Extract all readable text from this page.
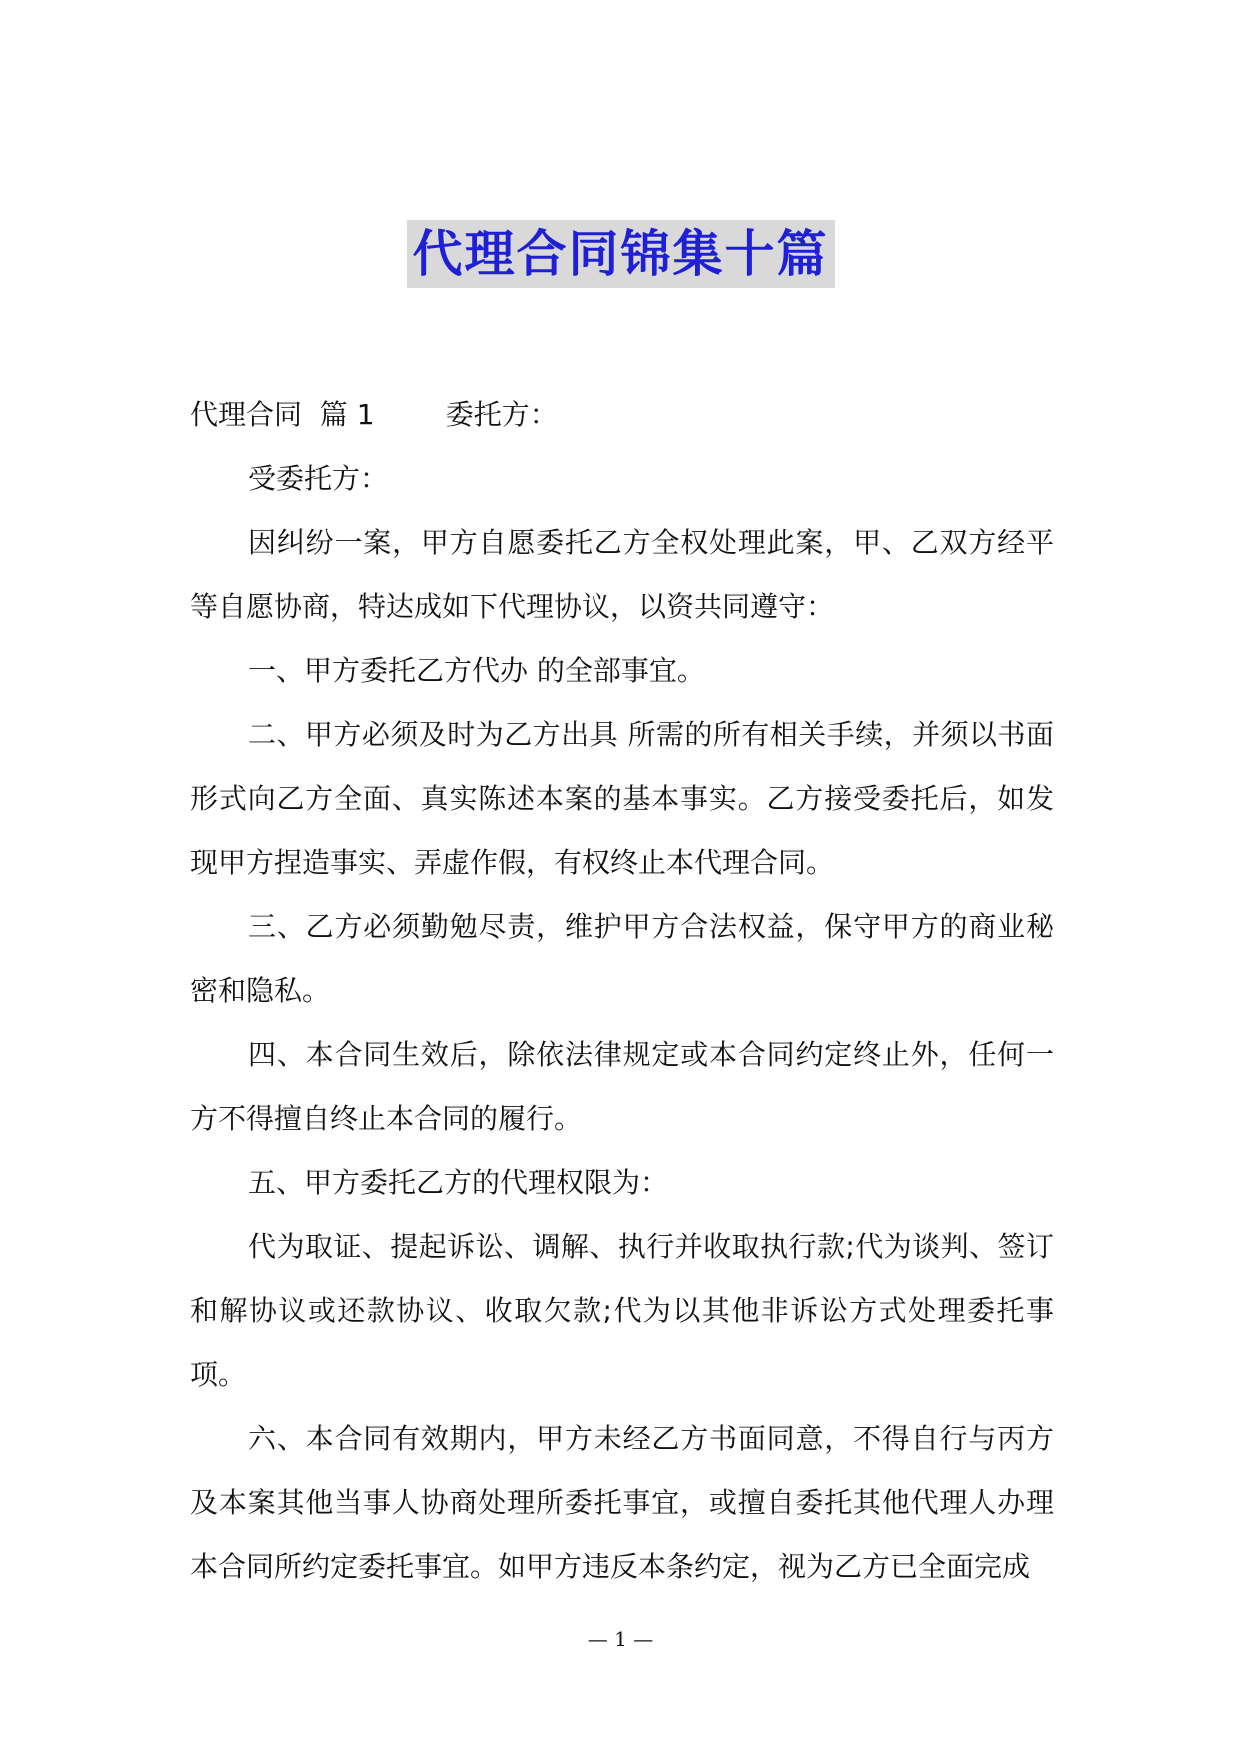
代理合同锦集十篇

代理合同  篇 1        委托方：

受委托方：

因纠纷一案，甲方自愿委托乙方全权处理此案，甲、乙双方经平等自愿协商，特达成如下代理协议，以资共同遵守：

一、甲方委托乙方代办 的全部事宜。

二、甲方必须及时为乙方出具 所需的所有相关手续，并须以书面形式向乙方全面、真实陈述本案的基本事实。乙方接受委托后，如发现甲方捏造事实、弄虚作假，有权终止本代理合同。

三、乙方必须勤勉尽责，维护甲方合法权益，保守甲方的商业秘密和隐私。

四、本合同生效后，除依法律规定或本合同约定终止外，任何一方不得擅自终止本合同的履行。

五、甲方委托乙方的代理权限为：

代为取证、提起诉讼、调解、执行并收取执行款;代为谈判、签订和解协议或还款协议、收取欠款;代为以其他非诉讼方式处理委托事项。

六、本合同有效期内，甲方未经乙方书面同意，不得自行与丙方及本案其他当事人协商处理所委托事宜，或擅自委托其他代理人办理本合同所约定委托事宜。如甲方违反本条约定，视为乙方已全面完成

— 1 —
